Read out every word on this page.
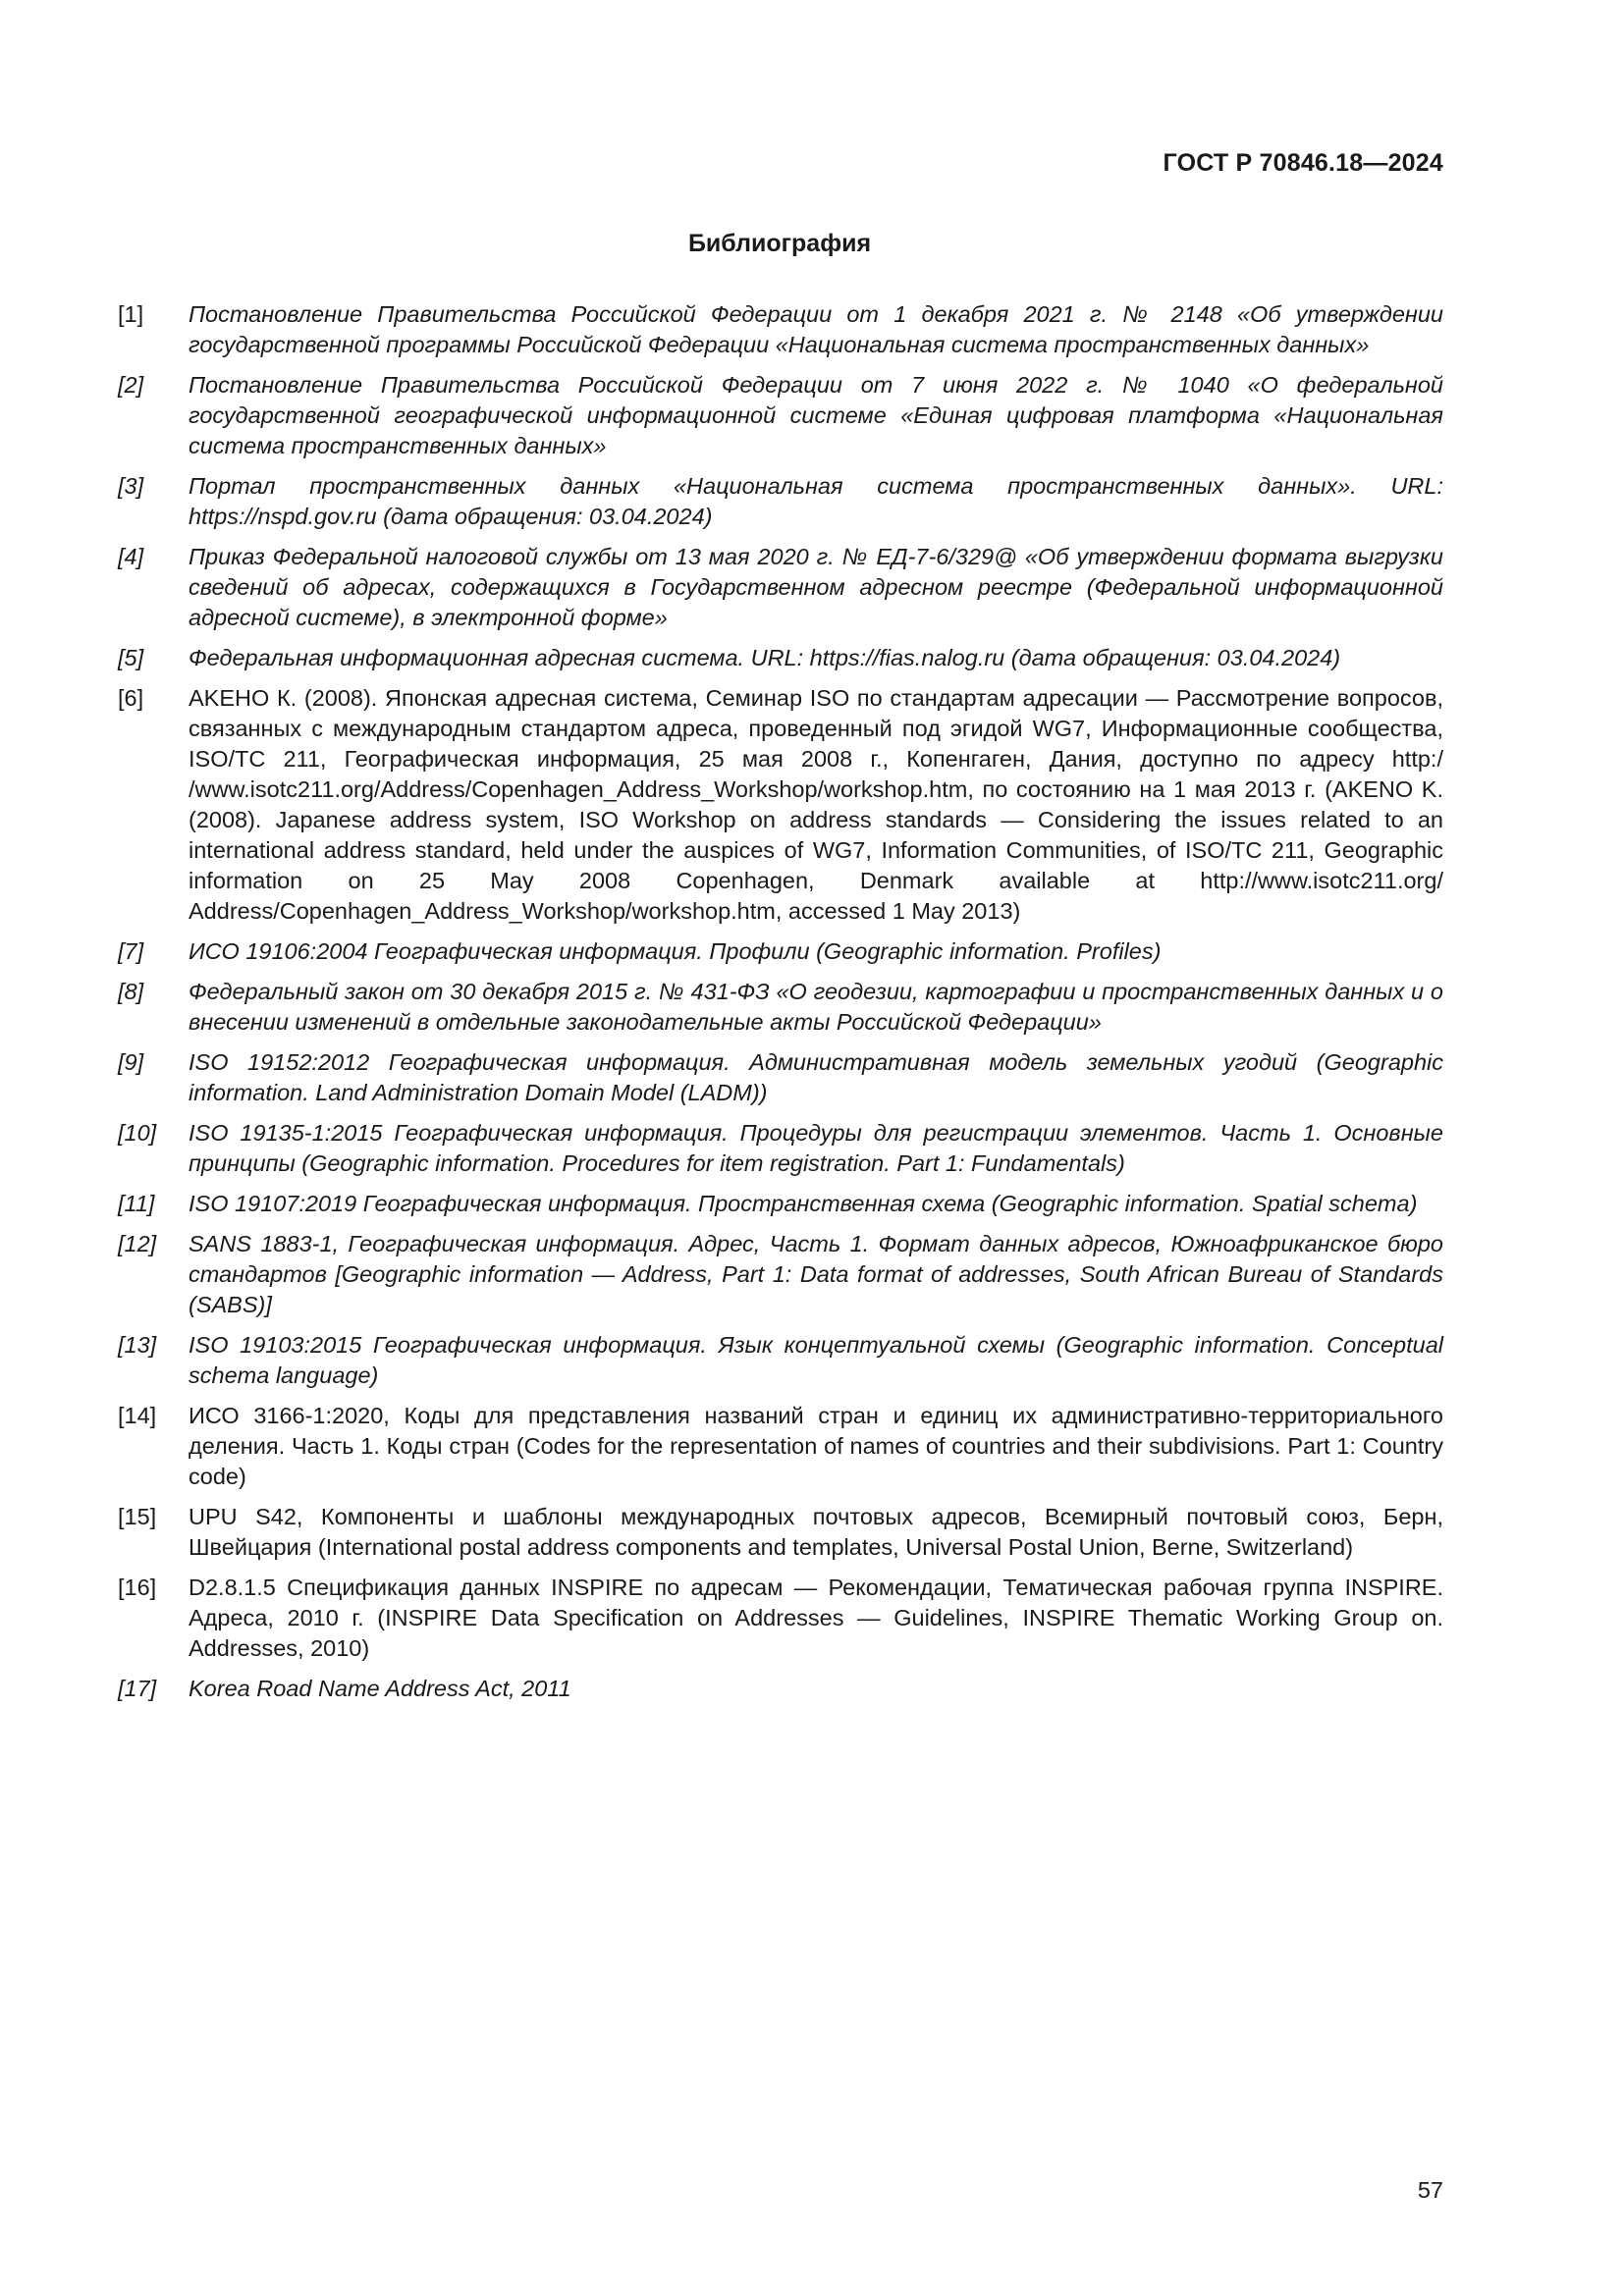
ГОСТ Р 70846.18—2024
Библиография
[1]	Постановление Правительства Российской Федерации от 1 декабря 2021 г. № 2148 «Об утверждении государственной программы Российской Федерации «Национальная система пространственных данных»
[2]	Постановление Правительства Российской Федерации от 7 июня 2022 г. № 1040 «О федеральной государственной географической информационной системе «Единая цифровая платформа «Национальная система пространственных данных»
[3]	Портал пространственных данных «Национальная система пространственных данных». URL: https://nspd.gov.ru (дата обращения: 03.04.2024)
[4]	Приказ Федеральной налоговой службы от 13 мая 2020 г. № ЕД-7-6/329@ «Об утверждении формата выгрузки сведений об адресах, содержащихся в Государственном адресном реестре (Федеральной информационной адресной системе), в электронной форме»
[5]	Федеральная информационная адресная система. URL: https://fias.nalog.ru (дата обращения: 03.04.2024)
[6]	AKEHO К. (2008). Японская адресная система, Семинар ISO по стандартам адресации — Рассмотрение вопросов, связанных с международным стандартом адреса, проведенный под эгидой WG7, Информационные сообщества, ISO/TC 211, Географическая информация, 25 мая 2008 г., Копенгаген, Дания, доступно по адресу http:/ /www.isotc211.org/Address/Copenhagen_Address_Workshop/workshop.htm, по состоянию на 1 мая 2013 г. (AKENO K. (2008). Japanese address system, ISO Workshop on address standards — Considering the issues related to an international address standard, held under the auspices of WG7, Information Communities, of ISO/TC 211, Geographic information on 25 May 2008 Copenhagen, Denmark available at http://www.isotc211.org/ Address/Copenhagen_Address_Workshop/workshop.htm, accessed 1 May 2013)
[7]	ИСО 19106:2004 Географическая информация. Профили (Geographic information. Profiles)
[8]	Федеральный закон от 30 декабря 2015 г. № 431-ФЗ «О геодезии, картографии и пространственных данных и о внесении изменений в отдельные законодательные акты Российской Федерации»
[9]	ISO 19152:2012 Географическая информация. Административная модель земельных угодий (Geographic information. Land Administration Domain Model (LADM))
[10]	ISO 19135-1:2015 Географическая информация. Процедуры для регистрации элементов. Часть 1. Основные принципы (Geographic information. Procedures for item registration. Part 1: Fundamentals)
[11]	ISO 19107:2019 Географическая информация. Пространственная схема (Geographic information. Spatial schema)
[12]	SANS 1883-1, Географическая информация. Адрес, Часть 1. Формат данных адресов, Южноафриканское бюро стандартов [Geographic information — Address, Part 1: Data format of addresses, South African Bureau of Standards (SABS)]
[13]	ISO 19103:2015 Географическая информация. Язык концептуальной схемы (Geographic information. Conceptual schema language)
[14]	ИСО 3166-1:2020, Коды для представления названий стран и единиц их административно-территориального деления. Часть 1. Коды стран (Codes for the representation of names of countries and their subdivisions. Part 1: Country code)
[15]	UPU S42, Компоненты и шаблоны международных почтовых адресов, Всемирный почтовый союз, Берн, Швейцария (International postal address components and templates, Universal Postal Union, Berne, Switzerland)
[16]	D2.8.1.5 Спецификация данных INSPIRE по адресам — Рекомендации, Тематическая рабочая группа INSPIRE. Адреса, 2010 г. (INSPIRE Data Specification on Addresses — Guidelines, INSPIRE Thematic Working Group on. Addresses, 2010)
[17]	Korea Road Name Address Act, 2011
57
